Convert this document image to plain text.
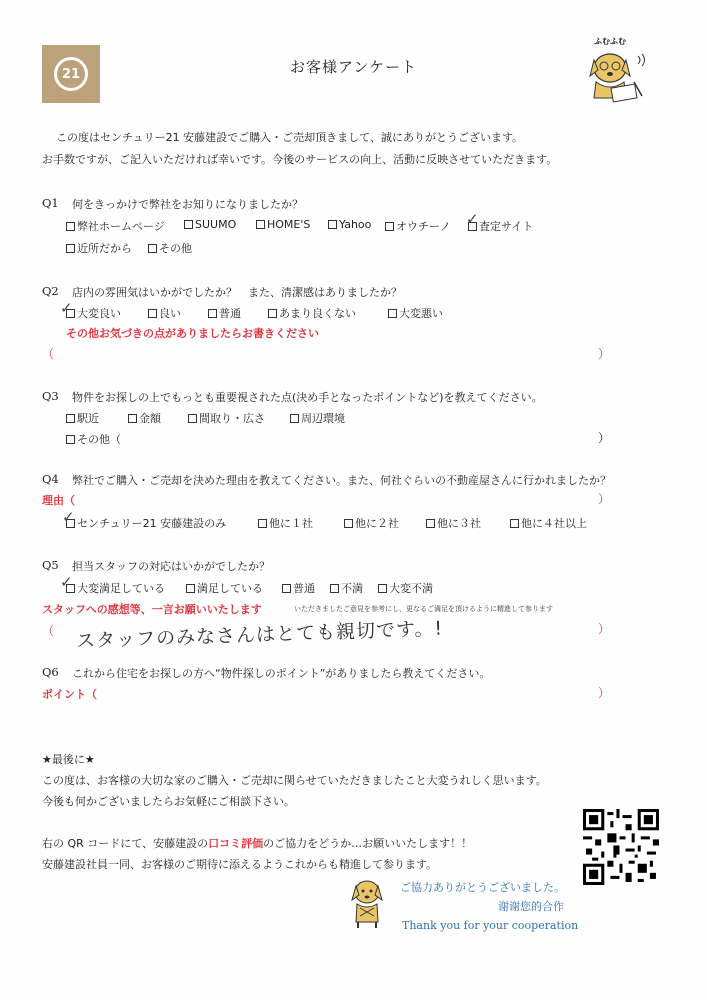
21	お客様アンケート
ふむふむ
この度はセンチュリー21 安藤建設でご購入・ご売却頂きまして、誠にありがとうございます。
お手数ですが、ご記入いただければ幸いです。今後のサービスの向上、活動に反映させていただきます。
Q1 何をきっかけで弊社をお知りになりましたか？
弊社ホームページ	SUUMO	HOME'S	Yahoo オウチーノ	査定サイト
✓
近所だから その他
Q2 店内の雰囲気はいかがでしたか？　また、清潔感はありましたか？
大変良い
✓	良い	普通	あまり良くない	大変悪い
その他お気づきの点がありましたらお書きください
（	）
Q3 物件をお探しの上でもっとも重要視された点(決め手となったポイントなど)を教えてください。
駅近	金額	間取り・広さ	周辺環境
その他（	）
Q4 弊社でご購入・ご売却を決めた理由を教えてください。また、何社ぐらいの不動産屋さんに行かれましたか？
理由（	）
センチュリー21 安藤建設のみ
✓	他に１社	他に２社	他に３社	他に４社以上
Q5 担当スタッフの対応はいかがでしたか？
大変満足している
✓	満足している	普通 不満 大変不満
スタッフへの感想等、一言お願いいたします	いただきましたご意見を参考にし、更なるご満足を頂けるように精進して参ります
（ スタッフのみなさんはとても親切です。!	）
Q6 これから住宅をお探しの方へ“物件探しのポイント”がありましたら教えてください。
ポイント（	）
★最後に★
この度は、お客様の大切な家のご購入・ご売却に関らせていただきましたこと大変うれしく思います。
今後も何かございましたらお気軽にご相談下さい。
右の QR コードにて、安藤建設の口コミ評価のご協力をどうか…お願いいたします！！
安藤建設社員一同、お客様のご期待に添えるようこれからも精進して参ります。
ご協力ありがとうございました。
谢谢您的合作
Thank you for your cooperation
